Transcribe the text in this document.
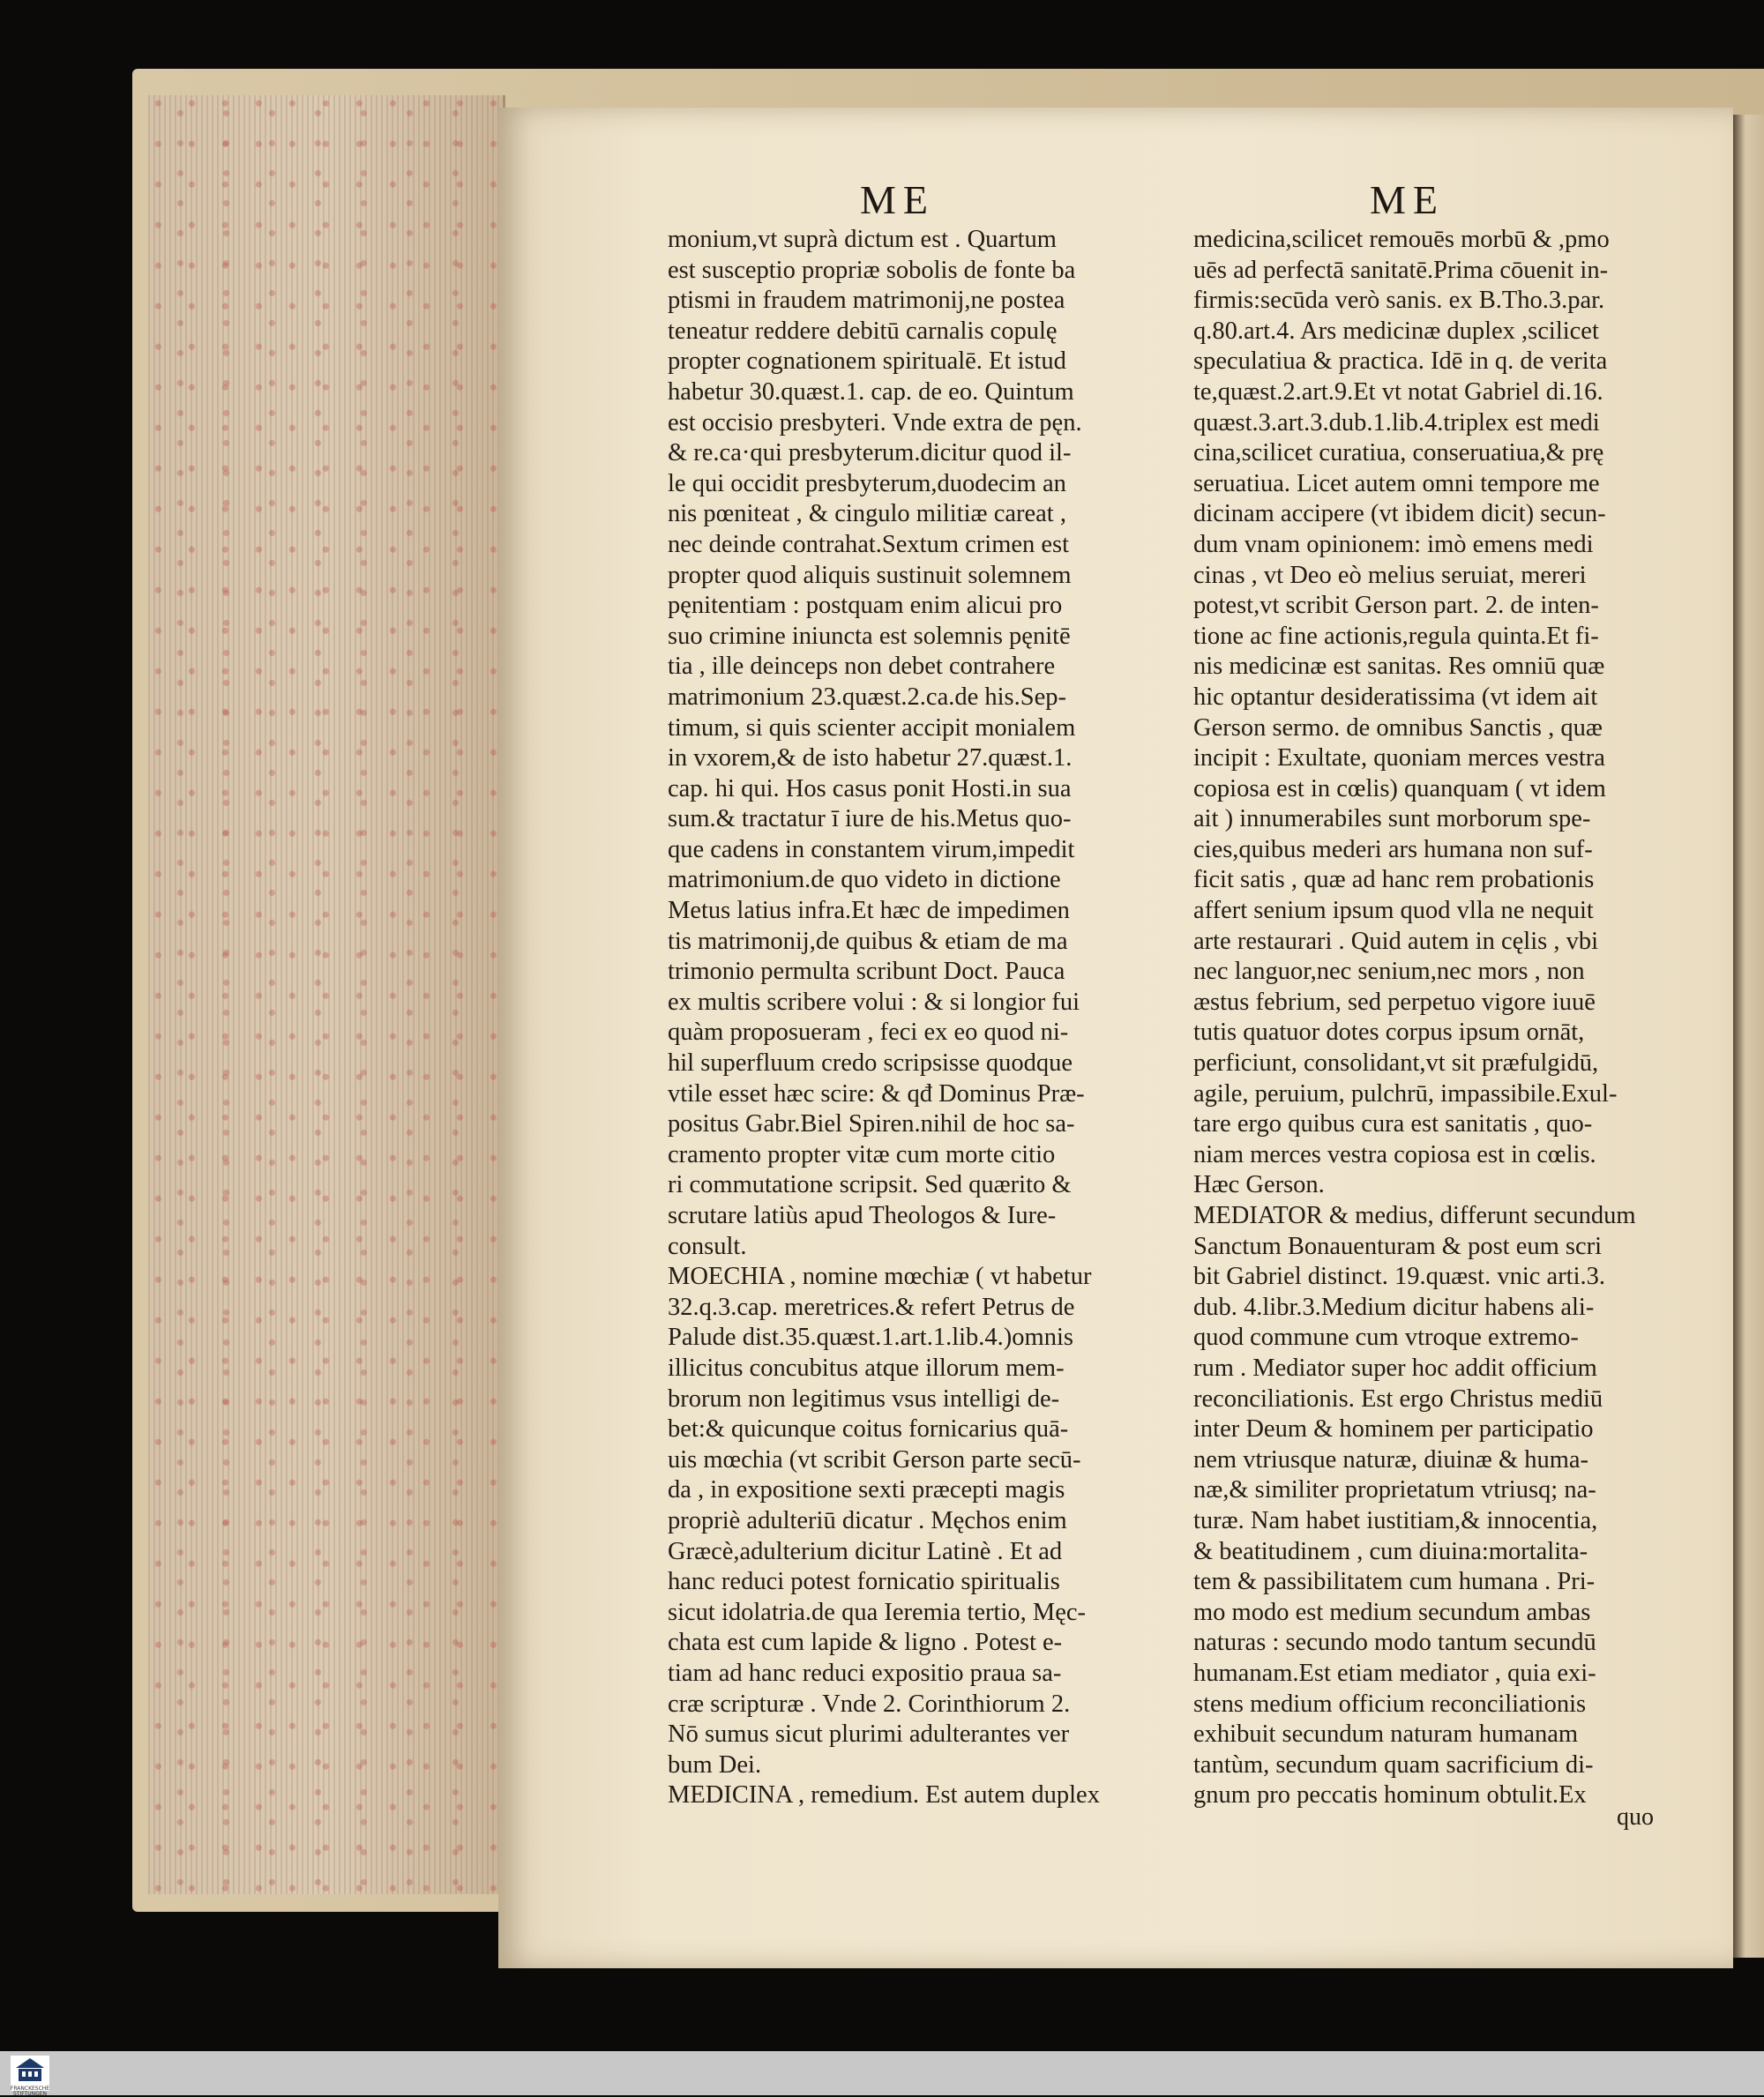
ME	ME
monium,vt suprà dictum est . Quartum
est susceptio propriæ sobolis de fonte ba
ptismi in fraudem matrimonij,ne postea
teneatur reddere debitū carnalis copulę
propter cognationem spiritualē. Et istud
habetur 30.quæst.1. cap. de eo. Quintum
est occisio presbyteri. Vnde extra de pęn.
& re.ca·qui presbyterum.dicitur quod il-
le qui occidit presbyterum,duodecim an
nis pœniteat , & cingulo militiæ careat ,
nec deinde contrahat.Sextum crimen est
propter quod aliquis sustinuit solemnem
pęnitentiam : postquam enim alicui pro
suo crimine iniuncta est solemnis pęnitē
tia , ille deinceps non debet contrahere
matrimonium 23.quæst.2.ca.de his.Sep-
timum, si quis scienter accipit monialem
in vxorem,& de isto habetur 27.quæst.1.
cap. hi qui. Hos casus ponit Hosti.in sua
sum.& tractatur ī iure de his.Metus quo-
que cadens in constantem virum,impedit
matrimonium.de quo videto in dictione
Metus latius infra.Et hæc de impedimen
tis matrimonij,de quibus & etiam de ma
trimonio permulta scribunt Doct. Pauca
ex multis scribere volui : & si longior fui
quàm proposueram , feci ex eo quod ni-
hil superfluum credo scripsisse quodque
vtile esset hæc scire: & qđ Dominus Præ-
positus Gabr.Biel Spiren.nihil de hoc sa-
cramento propter vitæ cum morte citio
ri commutatione scripsit. Sed quærito &
scrutare latiùs apud Theologos & Iure-
consult.
MOECHIA , nomine mœchiæ ( vt habetur
32.q.3.cap. meretrices.& refert Petrus de
Palude dist.35.quæst.1.art.1.lib.4.)omnis
illicitus concubitus atque illorum mem-
brorum non legitimus vsus intelligi de-
bet:& quicunque coitus fornicarius quā-
uis mœchia (vt scribit Gerson parte secū-
da , in expositione sexti præcepti magis
propriè adulteriū dicatur . Męchos enim
Græcè,adulterium dicitur Latinè . Et ad
hanc reduci potest fornicatio spiritualis
sicut idolatria.de qua Ieremia tertio, Męc-
chata est cum lapide & ligno . Potest e-
tiam ad hanc reduci expositio praua sa-
cræ scripturæ . Vnde 2. Corinthiorum 2.
Nō sumus sicut plurimi adulterantes ver
bum Dei.
MEDICINA , remedium. Est autem duplex
medicina,scilicet remouēs morbū & ,pmo
uēs ad perfectā sanitatē.Prima cōuenit in-
firmis:secūda verò sanis. ex B.Tho.3.par.
q.80.art.4. Ars medicinæ duplex ,scilicet
speculatiua & practica. Idē in q. de verita
te,quæst.2.art.9.Et vt notat Gabriel di.16.
quæst.3.art.3.dub.1.lib.4.triplex est medi
cina,scilicet curatiua, conseruatiua,& prę
seruatiua. Licet autem omni tempore me
dicinam accipere (vt ibidem dicit) secun-
dum vnam opinionem: imò emens medi
cinas , vt Deo eò melius seruiat, mereri
potest,vt scribit Gerson part. 2. de inten-
tione ac fine actionis,regula quinta.Et fi-
nis medicinæ est sanitas. Res omniū quæ
hic optantur desideratissima (vt idem ait
Gerson sermo. de omnibus Sanctis , quæ
incipit : Exultate, quoniam merces vestra
copiosa est in cœlis) quanquam ( vt idem
ait ) innumerabiles sunt morborum spe-
cies,quibus mederi ars humana non suf-
ficit satis , quæ ad hanc rem probationis
affert senium ipsum quod vlla ne nequit
arte restaurari . Quid autem in cęlis , vbi
nec languor,nec senium,nec mors , non
æstus febrium, sed perpetuo vigore iuuē
tutis quatuor dotes corpus ipsum ornāt,
perficiunt, consolidant,vt sit præfulgidū,
agile, peruium, pulchrū, impassibile.Exul-
tare ergo quibus cura est sanitatis , quo-
niam merces vestra copiosa est in cœlis.
Hæc Gerson.
MEDIATOR & medius, differunt secundum
Sanctum Bonauenturam & post eum scri
bit Gabriel distinct. 19.quæst. vnic arti.3.
dub. 4.libr.3.Medium dicitur habens ali-
quod commune cum vtroque extremo-
rum . Mediator super hoc addit officium
reconciliationis. Est ergo Christus mediū
inter Deum & hominem per participatio
nem vtriusque naturæ, diuinæ & huma-
næ,& similiter proprietatum vtriusq; na-
turæ. Nam habet iustitiam,& innocentia,
& beatitudinem , cum diuina:mortalita-
tem & passibilitatem cum humana . Pri-
mo modo est medium secundum ambas
naturas : secundo modo tantum secundū
humanam.Est etiam mediator , quia exi-
stens medium officium reconciliationis
exhibuit secundum naturam humanam
tantùm, secundum quam sacrificium di-
gnum pro peccatis hominum obtulit.Ex
quo
FRANCKESCHE STIFTUNGEN
